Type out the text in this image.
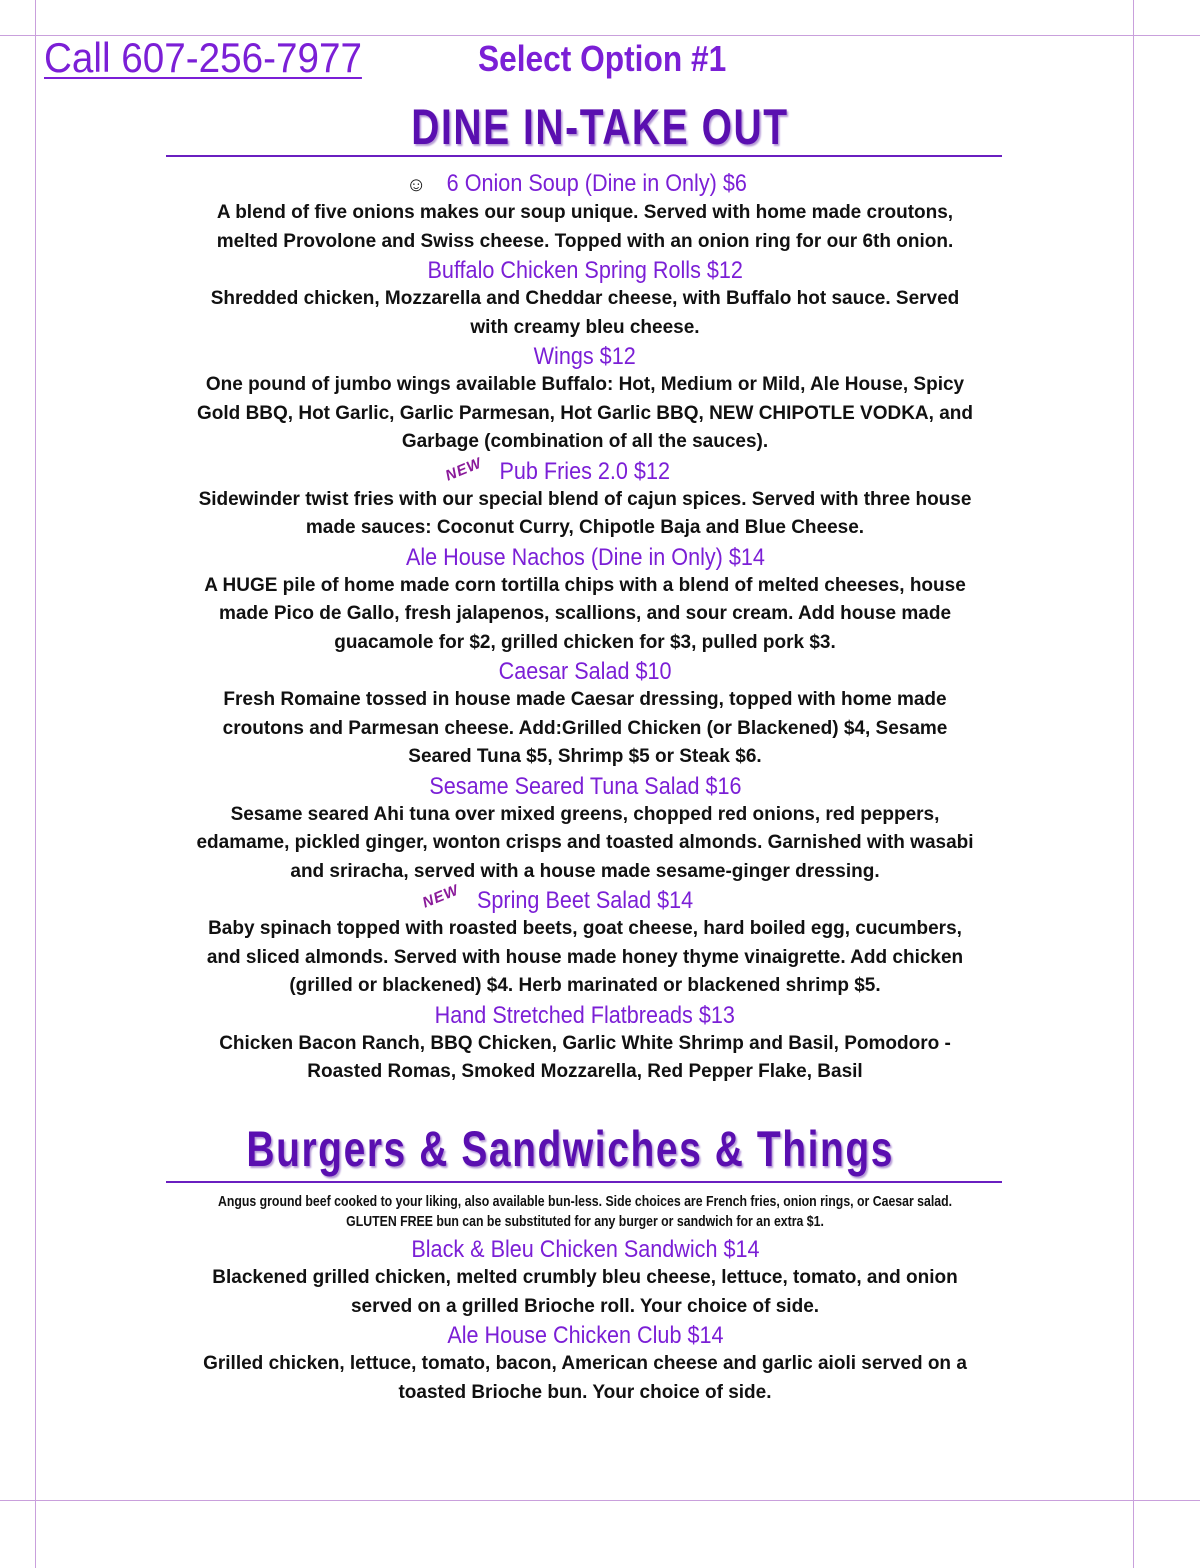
Call 607-256-7977	Select Option #1
DINE IN-TAKE OUT
☺ 6 Onion Soup (Dine in Only) $6
A blend of five onions makes our soup unique. Served with home made croutons,
melted Provolone and Swiss cheese. Topped with an onion ring for our 6th onion.
Buffalo Chicken Spring Rolls $12
Shredded chicken, Mozzarella and Cheddar cheese, with Buffalo hot sauce. Served
with creamy bleu cheese.
Wings $12
One pound of jumbo wings available Buffalo: Hot, Medium or Mild, Ale House, Spicy
Gold BBQ, Hot Garlic, Garlic Parmesan, Hot Garlic BBQ, NEW CHIPOTLE VODKA, and
Garbage (combination of all the sauces).
NEW Pub Fries 2.0 $12
Sidewinder twist fries with our special blend of cajun spices. Served with three house
made sauces: Coconut Curry, Chipotle Baja and Blue Cheese.
Ale House Nachos (Dine in Only) $14
A HUGE pile of home made corn tortilla chips with a blend of melted cheeses, house
made Pico de Gallo, fresh jalapenos, scallions, and sour cream. Add house made
guacamole for $2, grilled chicken for $3, pulled pork $3.
Caesar Salad $10
Fresh Romaine tossed in house made Caesar dressing, topped with home made
croutons and Parmesan cheese. Add:Grilled Chicken (or Blackened) $4, Sesame
Seared Tuna $5, Shrimp $5 or Steak $6.
Sesame Seared Tuna Salad $16
Sesame seared Ahi tuna over mixed greens, chopped red onions, red peppers,
edamame, pickled ginger, wonton crisps and toasted almonds. Garnished with wasabi
and sriracha, served with a house made sesame-ginger dressing.
NEW Spring Beet Salad $14
Baby spinach topped with roasted beets, goat cheese, hard boiled egg, cucumbers,
and sliced almonds. Served with house made honey thyme vinaigrette. Add chicken
(grilled or blackened) $4. Herb marinated or blackened shrimp $5.
Hand Stretched Flatbreads $13
Chicken Bacon Ranch, BBQ Chicken, Garlic White Shrimp and Basil, Pomodoro -
Roasted Romas, Smoked Mozzarella, Red Pepper Flake, Basil
Burgers & Sandwiches & Things
Angus ground beef cooked to your liking, also available bun-less. Side choices are French fries, onion rings, or Caesar salad.
GLUTEN FREE bun can be substituted for any burger or sandwich for an extra $1.
Black & Bleu Chicken Sandwich $14
Blackened grilled chicken, melted crumbly bleu cheese, lettuce, tomato, and onion
served on a grilled Brioche roll. Your choice of side.
Ale House Chicken Club $14
Grilled chicken, lettuce, tomato, bacon, American cheese and garlic aioli served on a
toasted Brioche bun. Your choice of side.
